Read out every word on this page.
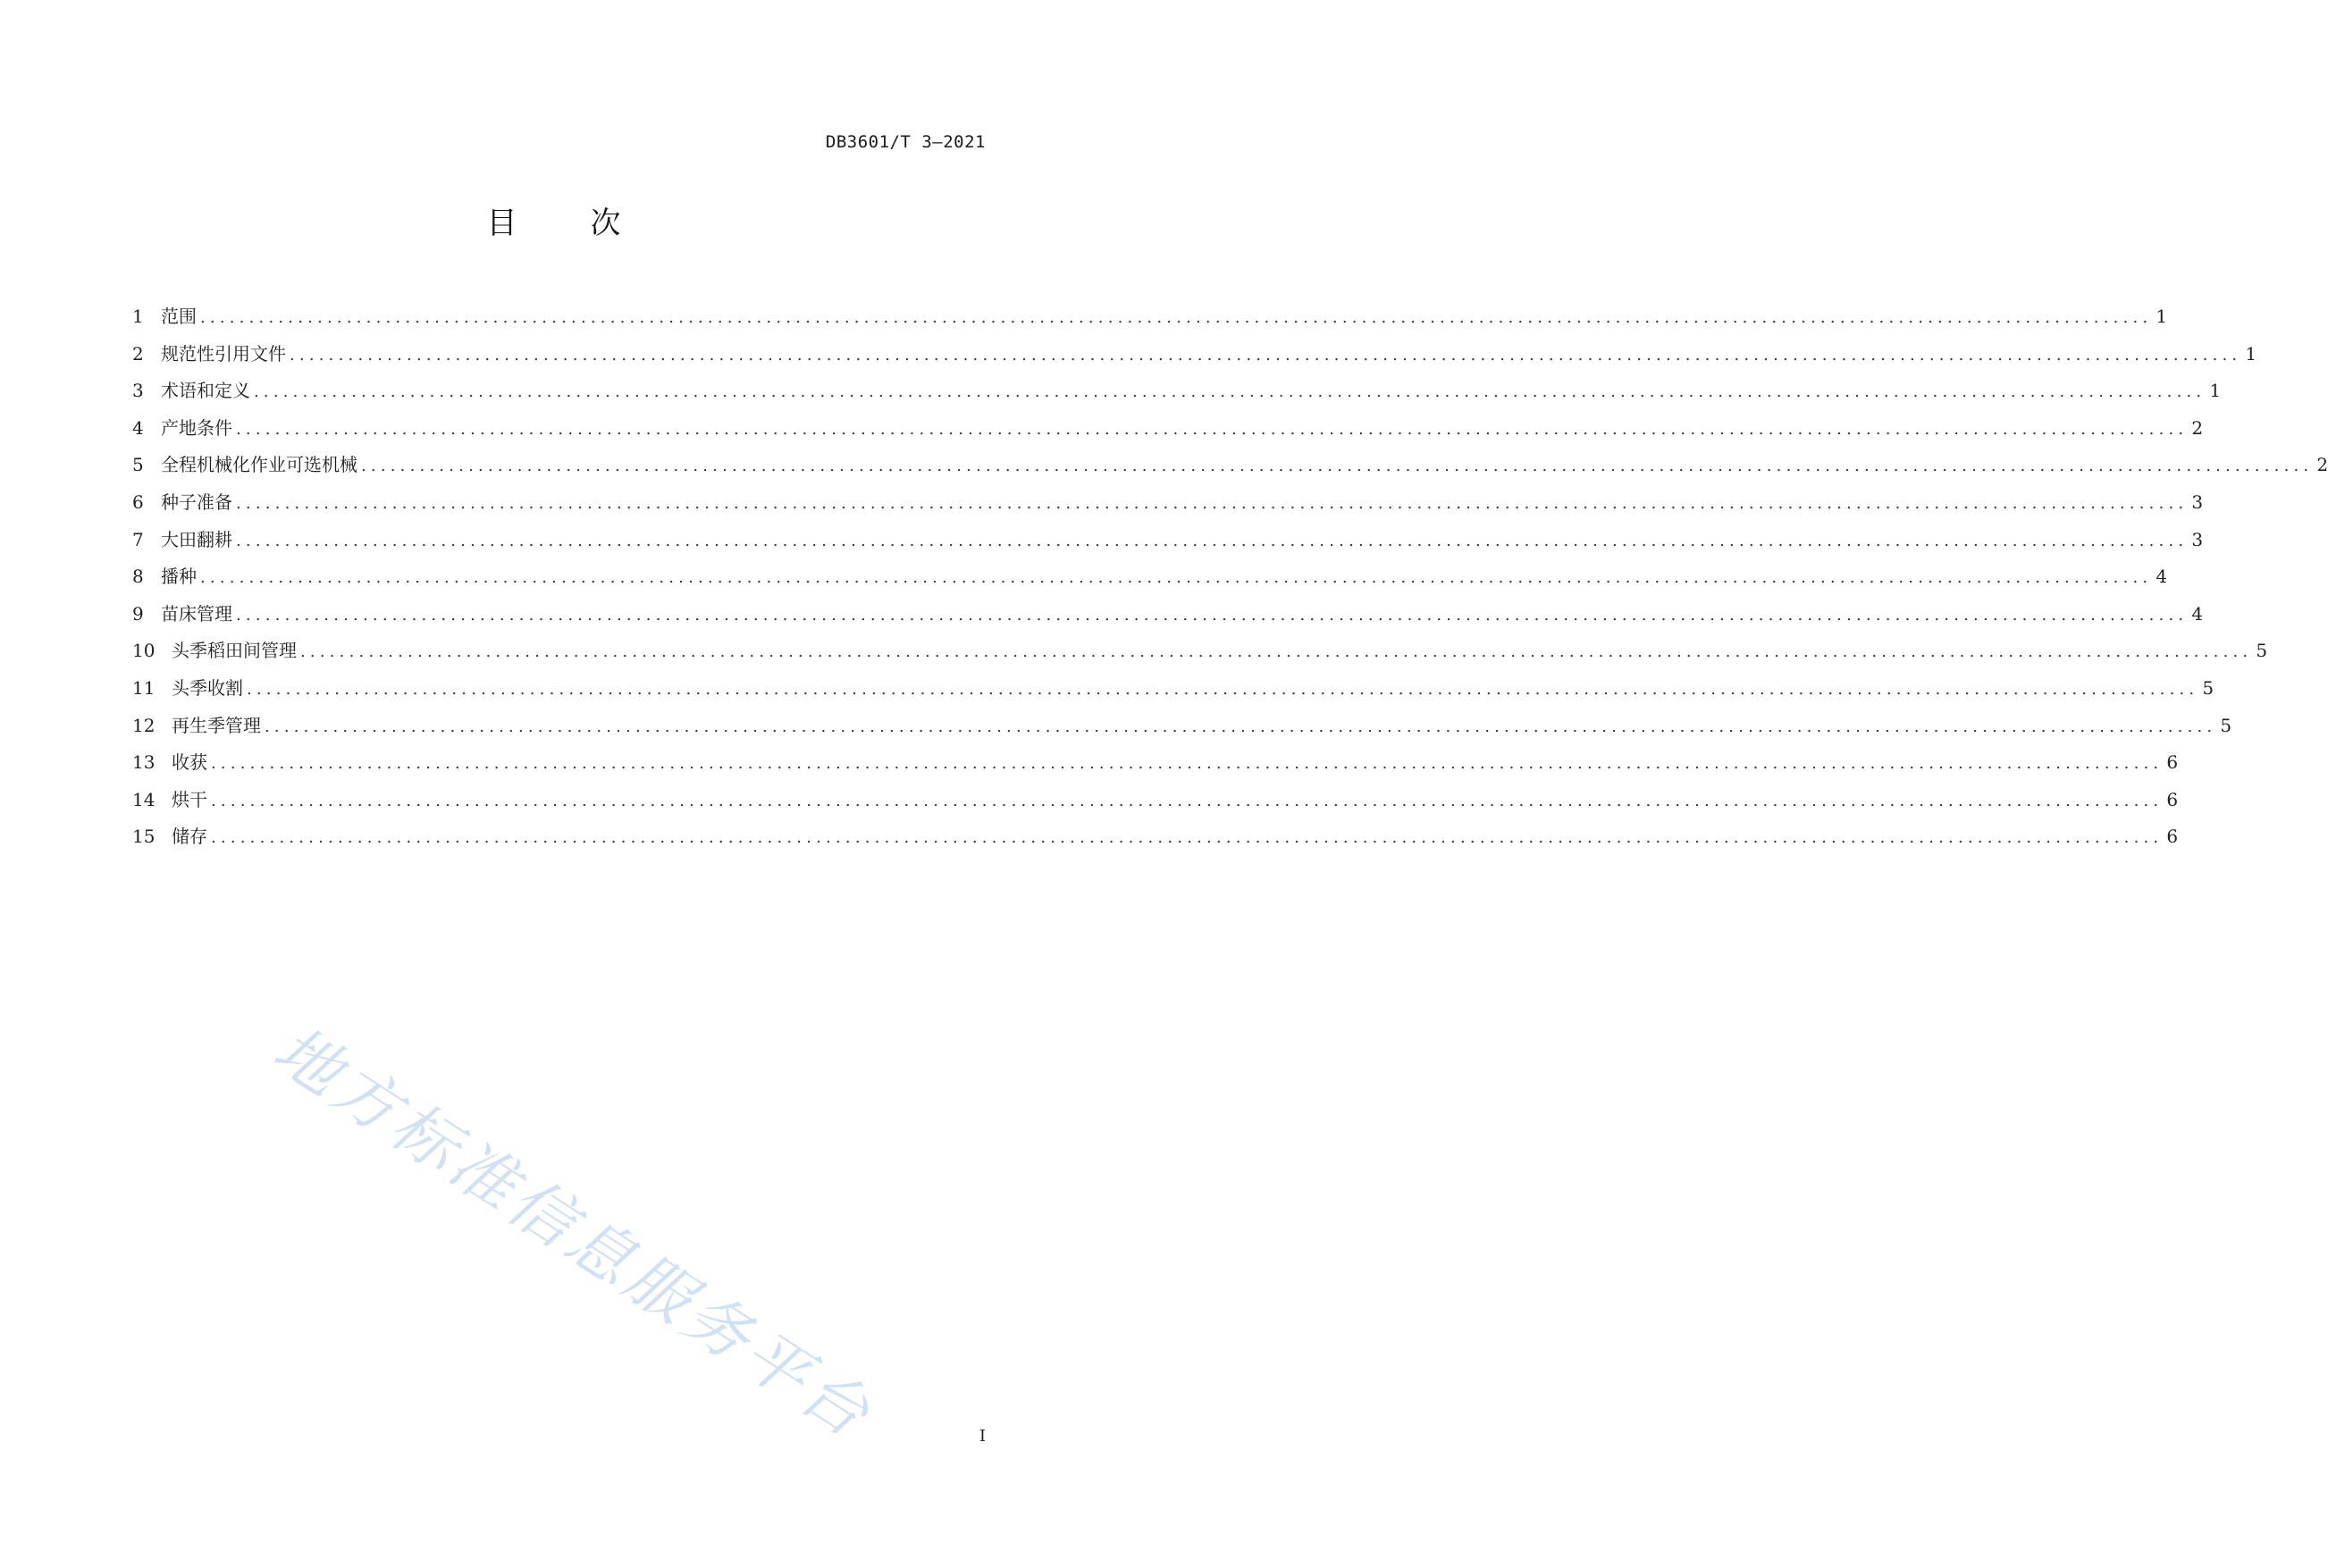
DB3601/T 3—2021
目 次
1 范围 ........................................................................................................................................................................................................ 1
2 规范性引用文件 ........................................................................................................................................................................................................ 1
3 术语和定义 ........................................................................................................................................................................................................ 1
4 产地条件 ........................................................................................................................................................................................................ 2
5 全程机械化作业可选机械 ........................................................................................................................................................................................................ 2
6 种子准备 ........................................................................................................................................................................................................ 3
7 大田翻耕 ........................................................................................................................................................................................................ 3
8 播种 ........................................................................................................................................................................................................ 4
9 苗床管理 ........................................................................................................................................................................................................ 4
10 头季稻田间管理 ........................................................................................................................................................................................................ 5
11 头季收割 ........................................................................................................................................................................................................ 5
12 再生季管理 ........................................................................................................................................................................................................ 5
13 收获 ........................................................................................................................................................................................................ 6
14 烘干 ........................................................................................................................................................................................................ 6
15 储存 ........................................................................................................................................................................................................ 6
地方标准信息服务平台	I
